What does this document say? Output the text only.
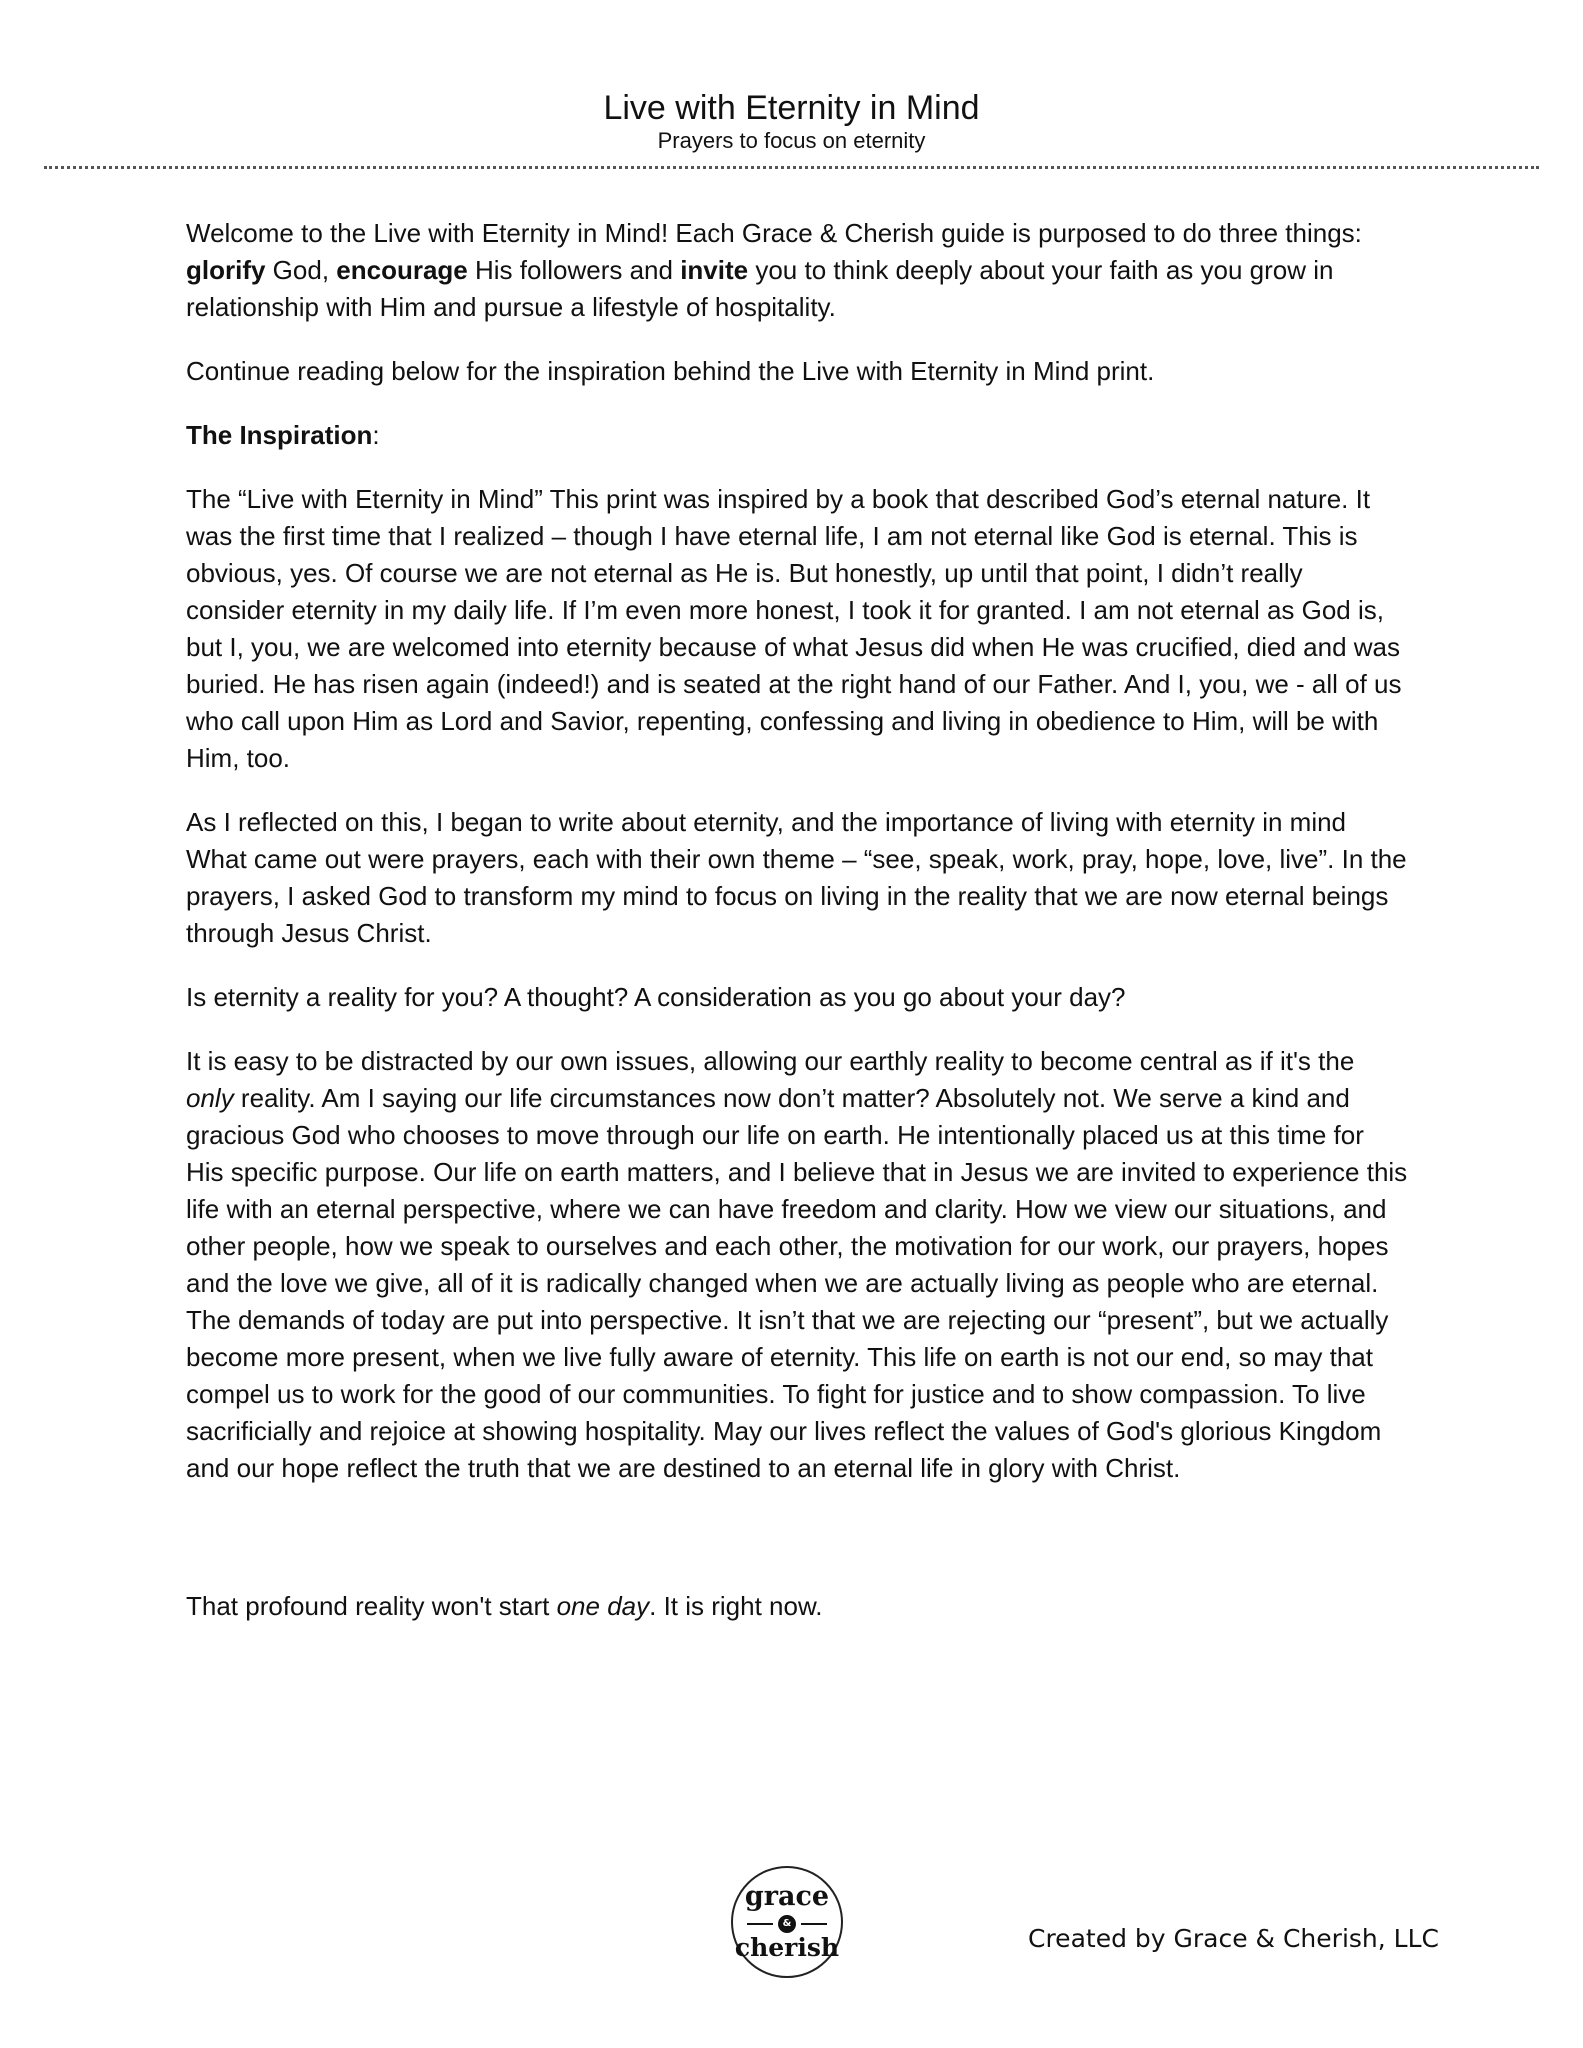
Live with Eternity in Mind

Prayers to focus on eternity

Welcome to the Live with Eternity in Mind! Each Grace & Cherish guide is purposed to do three things: glorify God, encourage His followers and invite you to think deeply about your faith as you grow in relationship with Him and pursue a lifestyle of hospitality.

Continue reading below for the inspiration behind the Live with Eternity in Mind print.

The Inspiration:

The “Live with Eternity in Mind” This print was inspired by a book that described God’s eternal nature. It was the first time that I realized – though I have eternal life, I am not eternal like God is eternal. This is obvious, yes. Of course we are not eternal as He is. But honestly, up until that point, I didn’t really consider eternity in my daily life. If I’m even more honest, I took it for granted. I am not eternal as God is, but I, you, we are welcomed into eternity because of what Jesus did when He was crucified, died and was buried. He has risen again (indeed!) and is seated at the right hand of our Father. And I, you, we - all of us who call upon Him as Lord and Savior, repenting, confessing and living in obedience to Him, will be with Him, too.

As I reflected on this, I began to write about eternity, and the importance of living with eternity in mind What came out were prayers, each with their own theme – “see, speak, work, pray, hope, love, live”. In the prayers, I asked God to transform my mind to focus on living in the reality that we are now eternal beings through Jesus Christ.

Is eternity a reality for you? A thought? A consideration as you go about your day?

It is easy to be distracted by our own issues, allowing our earthly reality to become central as if it's the only reality. Am I saying our life circumstances now don’t matter? Absolutely not. We serve a kind and gracious God who chooses to move through our life on earth. He intentionally placed us at this time for His specific purpose. Our life on earth matters, and I believe that in Jesus we are invited to experience this life with an eternal perspective, where we can have freedom and clarity. How we view our situations, and other people, how we speak to ourselves and each other, the motivation for our work, our prayers, hopes and the love we give, all of it is radically changed when we are actually living as people who are eternal. The demands of today are put into perspective. It isn’t that we are rejecting our “present”, but we actually become more present, when we live fully aware of eternity. This life on earth is not our end, so may that compel us to work for the good of our communities. To fight for justice and to show compassion. To live sacrificially and rejoice at showing hospitality. May our lives reflect the values of God's glorious Kingdom and our hope reflect the truth that we are destined to an eternal life in glory with Christ.

That profound reality won't start one day. It is right now.

grace
&
cherish	Created by Grace & Cherish, LLC
